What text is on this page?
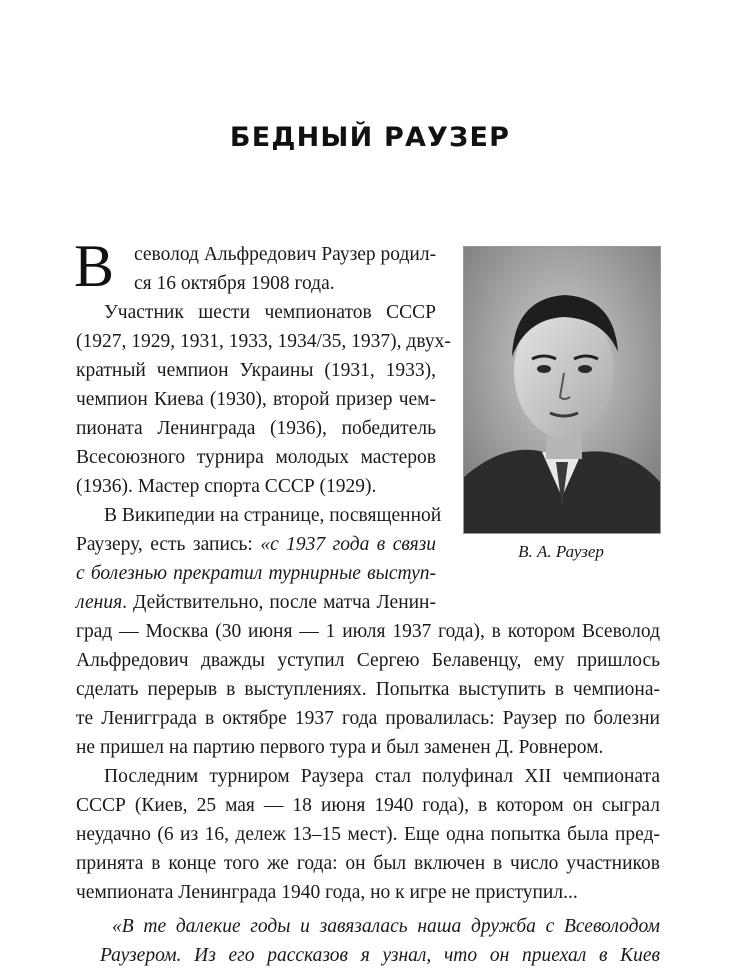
БЕДНЫЙ РАУЗЕР
В севолод Альфредович Раузер родил-
ся 16 октября 1908 года.
Участник шести чемпионатов СССР
(1927, 1929, 1931, 1933, 1934/35, 1937), двух-
кратный чемпион Украины (1931, 1933),
чемпион Киева (1930), второй призер чем-
пионата Ленинграда (1936), победитель
Всесоюзного турнира молодых мастеров
(1936). Мастер спорта СССР (1929).
В Википедии на странице, посвященной
Раузеру, есть запись: «с 1937 года в связи
с болезнью прекратил турнирные выступ-
ления. Действительно, после матча Ленин-
град — Москва (30 июня — 1 июля 1937 года), в котором Всеволод
Альфредович дважды уступил Сергею Белавенцу, ему пришлось
сделать перерыв в выступлениях. Попытка выступить в чемпиона-
те Ленигграда в октябре 1937 года провалилась: Раузер по болезни
не пришел на партию первого тура и был заменен Д. Ровнером.
Последним турниром Раузера стал полуфинал XII чемпионата
СССР (Киев, 25 мая — 18 июня 1940 года), в котором он сыграл
неудачно (6 из 16, дележ 13–15 мест). Еще одна попытка была пред-
принята в конце того же года: он был включен в число участников
чемпионата Ленинграда 1940 года, но к игре не приступил...
«В те далекие годы и завязалась наша дружба с Всеволодом
Раузером. Из его рассказов я узнал, что он приехал в Киев
В. А. Раузер
